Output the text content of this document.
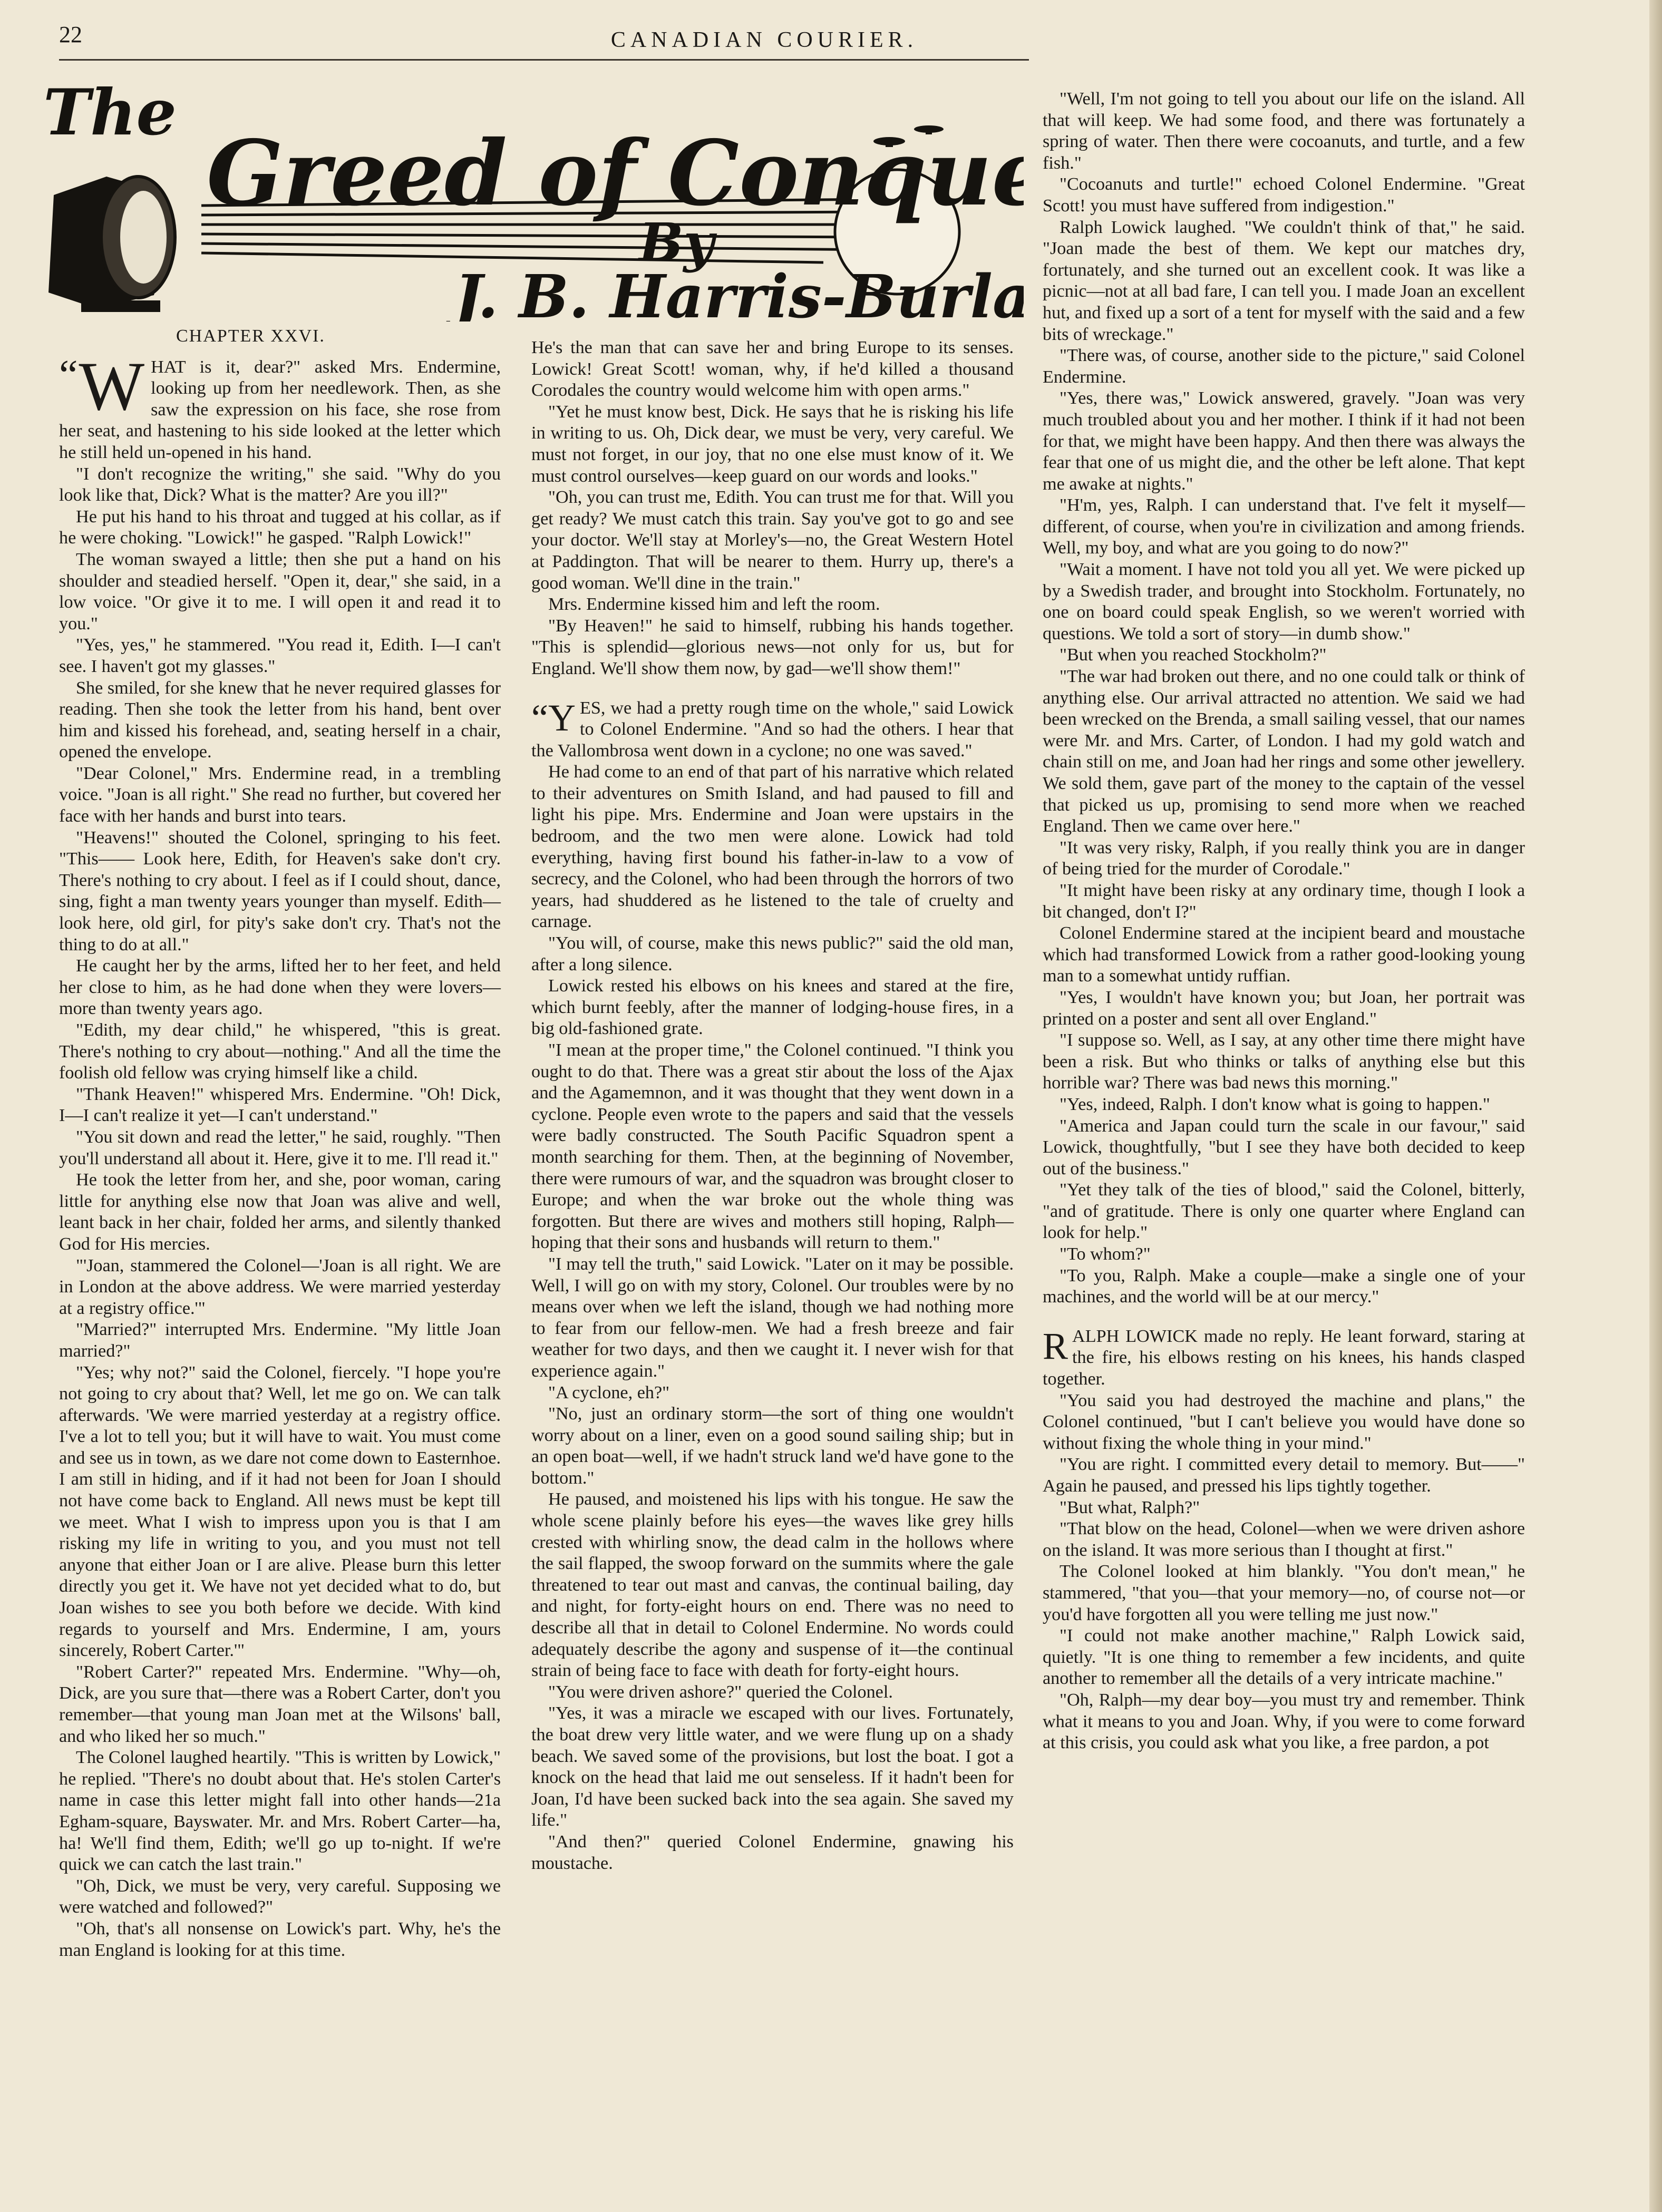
22	CANADIAN COURIER.
The
Greed of Conqu
By
J. B. Harris-Burl
CHAPTER XXVI.

“ W HAT is it, dear?" asked Mrs. Endermine, looking up from her needlework. Then, as she saw the expression on his face, she rose from her seat, and hastening to his side looked at the letter which he still held un-opened in his hand.

"I don't recognize the writing," she said. "Why do you look like that, Dick? What is the matter? Are you ill?"

He put his hand to his throat and tugged at his collar, as if he were choking. "Lowick!" he gasped. "Ralph Lowick!"

The woman swayed a little; then she put a hand on his shoulder and steadied herself. "Open it, dear," she said, in a low voice. "Or give it to me. I will open it and read it to you."

"Yes, yes," he stammered. "You read it, Edith. I—I can't see. I haven't got my glasses."

She smiled, for she knew that he never required glasses for reading. Then she took the letter from his hand, bent over him and kissed his forehead, and, seating herself in a chair, opened the envelope.

"Dear Colonel," Mrs. Endermine read, in a trembling voice. "Joan is all right." She read no further, but covered her face with her hands and burst into tears.

"Heavens!" shouted the Colonel, springing to his feet. "This—— Look here, Edith, for Heaven's sake don't cry. There's nothing to cry about. I feel as if I could shout, dance, sing, fight a man twenty years younger than myself. Edith—look here, old girl, for pity's sake don't cry. That's not the thing to do at all."

He caught her by the arms, lifted her to her feet, and held her close to him, as he had done when they were lovers—more than twenty years ago.

"Edith, my dear child," he whispered, "this is great. There's nothing to cry about—nothing." And all the time the foolish old fellow was crying himself like a child.

"Thank Heaven!" whispered Mrs. Endermine. "Oh! Dick, I—I can't realize it yet—I can't understand."

"You sit down and read the letter," he said, roughly. "Then you'll understand all about it. Here, give it to me. I'll read it."

He took the letter from her, and she, poor woman, caring little for anything else now that Joan was alive and well, leant back in her chair, folded her arms, and silently thanked God for His mercies.

"'Joan, stammered the Colonel—'Joan is all right. We are in London at the above address. We were married yesterday at a registry office.'"

"Married?" interrupted Mrs. Endermine. "My little Joan married?"

"Yes; why not?" said the Colonel, fiercely. "I hope you're not going to cry about that? Well, let me go on. We can talk afterwards. 'We were married yesterday at a registry office. I've a lot to tell you; but it will have to wait. You must come and see us in town, as we dare not come down to Easternhoe. I am still in hiding, and if it had not been for Joan I should not have come back to England. All news must be kept till we meet. What I wish to impress upon you is that I am risking my life in writing to you, and you must not tell anyone that either Joan or I are alive. Please burn this letter directly you get it. We have not yet decided what to do, but Joan wishes to see you both before we decide. With kind regards to yourself and Mrs. Endermine, I am, yours sincerely, Robert Carter.'"

"Robert Carter?" repeated Mrs. Endermine. "Why—oh, Dick, are you sure that—there was a Robert Carter, don't you remember—that young man Joan met at the Wilsons' ball, and who liked her so much."

The Colonel laughed heartily. "This is written by Lowick," he replied. "There's no doubt about that. He's stolen Carter's name in case this letter might fall into other hands—21a Egham-square, Bayswater. Mr. and Mrs. Robert Carter—ha, ha! We'll find them, Edith; we'll go up to-night. If we're quick we can catch the last train."

"Oh, Dick, we must be very, very careful. Supposing we were watched and followed?"

"Oh, that's all nonsense on Lowick's part. Why, he's the man England is looking for at this time.

He's the man that can save her and bring Europe to its senses. Lowick! Great Scott! woman, why, if he'd killed a thousand Corodales the country would welcome him with open arms."

"Yet he must know best, Dick. He says that he is risking his life in writing to us. Oh, Dick dear, we must be very, very careful. We must not forget, in our joy, that no one else must know of it. We must control ourselves—keep guard on our words and looks."

"Oh, you can trust me, Edith. You can trust me for that. Will you get ready? We must catch this train. Say you've got to go and see your doctor. We'll stay at Morley's—no, the Great Western Hotel at Paddington. That will be nearer to them. Hurry up, there's a good woman. We'll dine in the train."

Mrs. Endermine kissed him and left the room.

"By Heaven!" he said to himself, rubbing his hands together. "This is splendid—glorious news—not only for us, but for England. We'll show them now, by gad—we'll show them!"

“YES, we had a pretty rough time on the whole," said Lowick to Colonel Endermine. "And so had the others. I hear that the Vallombrosa went down in a cyclone; no one was saved."

He had come to an end of that part of his narrative which related to their adventures on Smith Island, and had paused to fill and light his pipe. Mrs. Endermine and Joan were upstairs in the bedroom, and the two men were alone. Lowick had told everything, having first bound his father-in-law to a vow of secrecy, and the Colonel, who had been through the horrors of two years, had shuddered as he listened to the tale of cruelty and carnage.

"You will, of course, make this news public?" said the old man, after a long silence.

Lowick rested his elbows on his knees and stared at the fire, which burnt feebly, after the manner of lodging-house fires, in a big old-fashioned grate.

"I mean at the proper time," the Colonel continued. "I think you ought to do that. There was a great stir about the loss of the Ajax and the Agamemnon, and it was thought that they went down in a cyclone. People even wrote to the papers and said that the vessels were badly constructed. The South Pacific Squadron spent a month searching for them. Then, at the beginning of November, there were rumours of war, and the squadron was brought closer to Europe; and when the war broke out the whole thing was forgotten. But there are wives and mothers still hoping, Ralph—hoping that their sons and husbands will return to them."

"I may tell the truth," said Lowick. "Later on it may be possible. Well, I will go on with my story, Colonel. Our troubles were by no means over when we left the island, though we had nothing more to fear from our fellow-men. We had a fresh breeze and fair weather for two days, and then we caught it. I never wish for that experience again."

"A cyclone, eh?"

"No, just an ordinary storm—the sort of thing one wouldn't worry about on a liner, even on a good sound sailing ship; but in an open boat—well, if we hadn't struck land we'd have gone to the bottom."

He paused, and moistened his lips with his tongue. He saw the whole scene plainly before his eyes—the waves like grey hills crested with whirling snow, the dead calm in the hollows where the sail flapped, the swoop forward on the summits where the gale threatened to tear out mast and canvas, the continual bailing, day and night, for forty-eight hours on end. There was no need to describe all that in detail to Colonel Endermine. No words could adequately describe the agony and suspense of it—the continual strain of being face to face with death for forty-eight hours.

"You were driven ashore?" queried the Colonel.

"Yes, it was a miracle we escaped with our lives. Fortunately, the boat drew very little water, and we were flung up on a shady beach. We saved some of the provisions, but lost the boat. I got a knock on the head that laid me out senseless. If it hadn't been for Joan, I'd have been sucked back into the sea again. She saved my life."

"And then?" queried Colonel Endermine, gnawing his moustache.

"Well, I'm not going to tell you about our life on the island. All that will keep. We had some food, and there was fortunately a spring of water. Then there were cocoanuts, and turtle, and a few fish."

"Cocoanuts and turtle!" echoed Colonel Endermine. "Great Scott! you must have suffered from indigestion."

Ralph Lowick laughed. "We couldn't think of that," he said. "Joan made the best of them. We kept our matches dry, fortunately, and she turned out an excellent cook. It was like a picnic—not at all bad fare, I can tell you. I made Joan an excellent hut, and fixed up a sort of a tent for myself with the said and a few bits of wreckage."

"There was, of course, another side to the picture," said Colonel Endermine.

"Yes, there was," Lowick answered, gravely. "Joan was very much troubled about you and her mother. I think if it had not been for that, we might have been happy. And then there was always the fear that one of us might die, and the other be left alone. That kept me awake at nights."

"H'm, yes, Ralph. I can understand that. I've felt it myself—different, of course, when you're in civilization and among friends. Well, my boy, and what are you going to do now?"

"Wait a moment. I have not told you all yet. We were picked up by a Swedish trader, and brought into Stockholm. Fortunately, no one on board could speak English, so we weren't worried with questions. We told a sort of story—in dumb show."

"But when you reached Stockholm?"

"The war had broken out there, and no one could talk or think of anything else. Our arrival attracted no attention. We said we had been wrecked on the Brenda, a small sailing vessel, that our names were Mr. and Mrs. Carter, of London. I had my gold watch and chain still on me, and Joan had her rings and some other jewellery. We sold them, gave part of the money to the captain of the vessel that picked us up, promising to send more when we reached England. Then we came over here."

"It was very risky, Ralph, if you really think you are in danger of being tried for the murder of Corodale."

"It might have been risky at any ordinary time, though I look a bit changed, don't I?"

Colonel Endermine stared at the incipient beard and moustache which had transformed Lowick from a rather good-looking young man to a somewhat untidy ruffian.

"Yes, I wouldn't have known you; but Joan, her portrait was printed on a poster and sent all over England."

"I suppose so. Well, as I say, at any other time there might have been a risk. But who thinks or talks of anything else but this horrible war? There was bad news this morning."

"Yes, indeed, Ralph. I don't know what is going to happen."

"America and Japan could turn the scale in our favour," said Lowick, thoughtfully, "but I see they have both decided to keep out of the business."

"Yet they talk of the ties of blood," said the Colonel, bitterly, "and of gratitude. There is only one quarter where England can look for help."

"To whom?"

"To you, Ralph. Make a couple—make a single one of your machines, and the world will be at our mercy."

RALPH LOWICK made no reply. He leant forward, staring at the fire, his elbows resting on his knees, his hands clasped together.

"You said you had destroyed the machine and plans," the Colonel continued, "but I can't believe you would have done so without fixing the whole thing in your mind."

"You are right. I committed every detail to memory. But——" Again he paused, and pressed his lips tightly together.

"But what, Ralph?"

"That blow on the head, Colonel—when we were driven ashore on the island. It was more serious than I thought at first."

The Colonel looked at him blankly. "You don't mean," he stammered, "that you—that your memory—no, of course not—or you'd have forgotten all you were telling me just now."

"I could not make another machine," Ralph Lowick said, quietly. "It is one thing to remember a few incidents, and quite another to remember all the details of a very intricate machine."

"Oh, Ralph—my dear boy—you must try and remember. Think what it means to you and Joan. Why, if you were to come forward at this crisis, you could ask what you like, a free pardon, a pot
